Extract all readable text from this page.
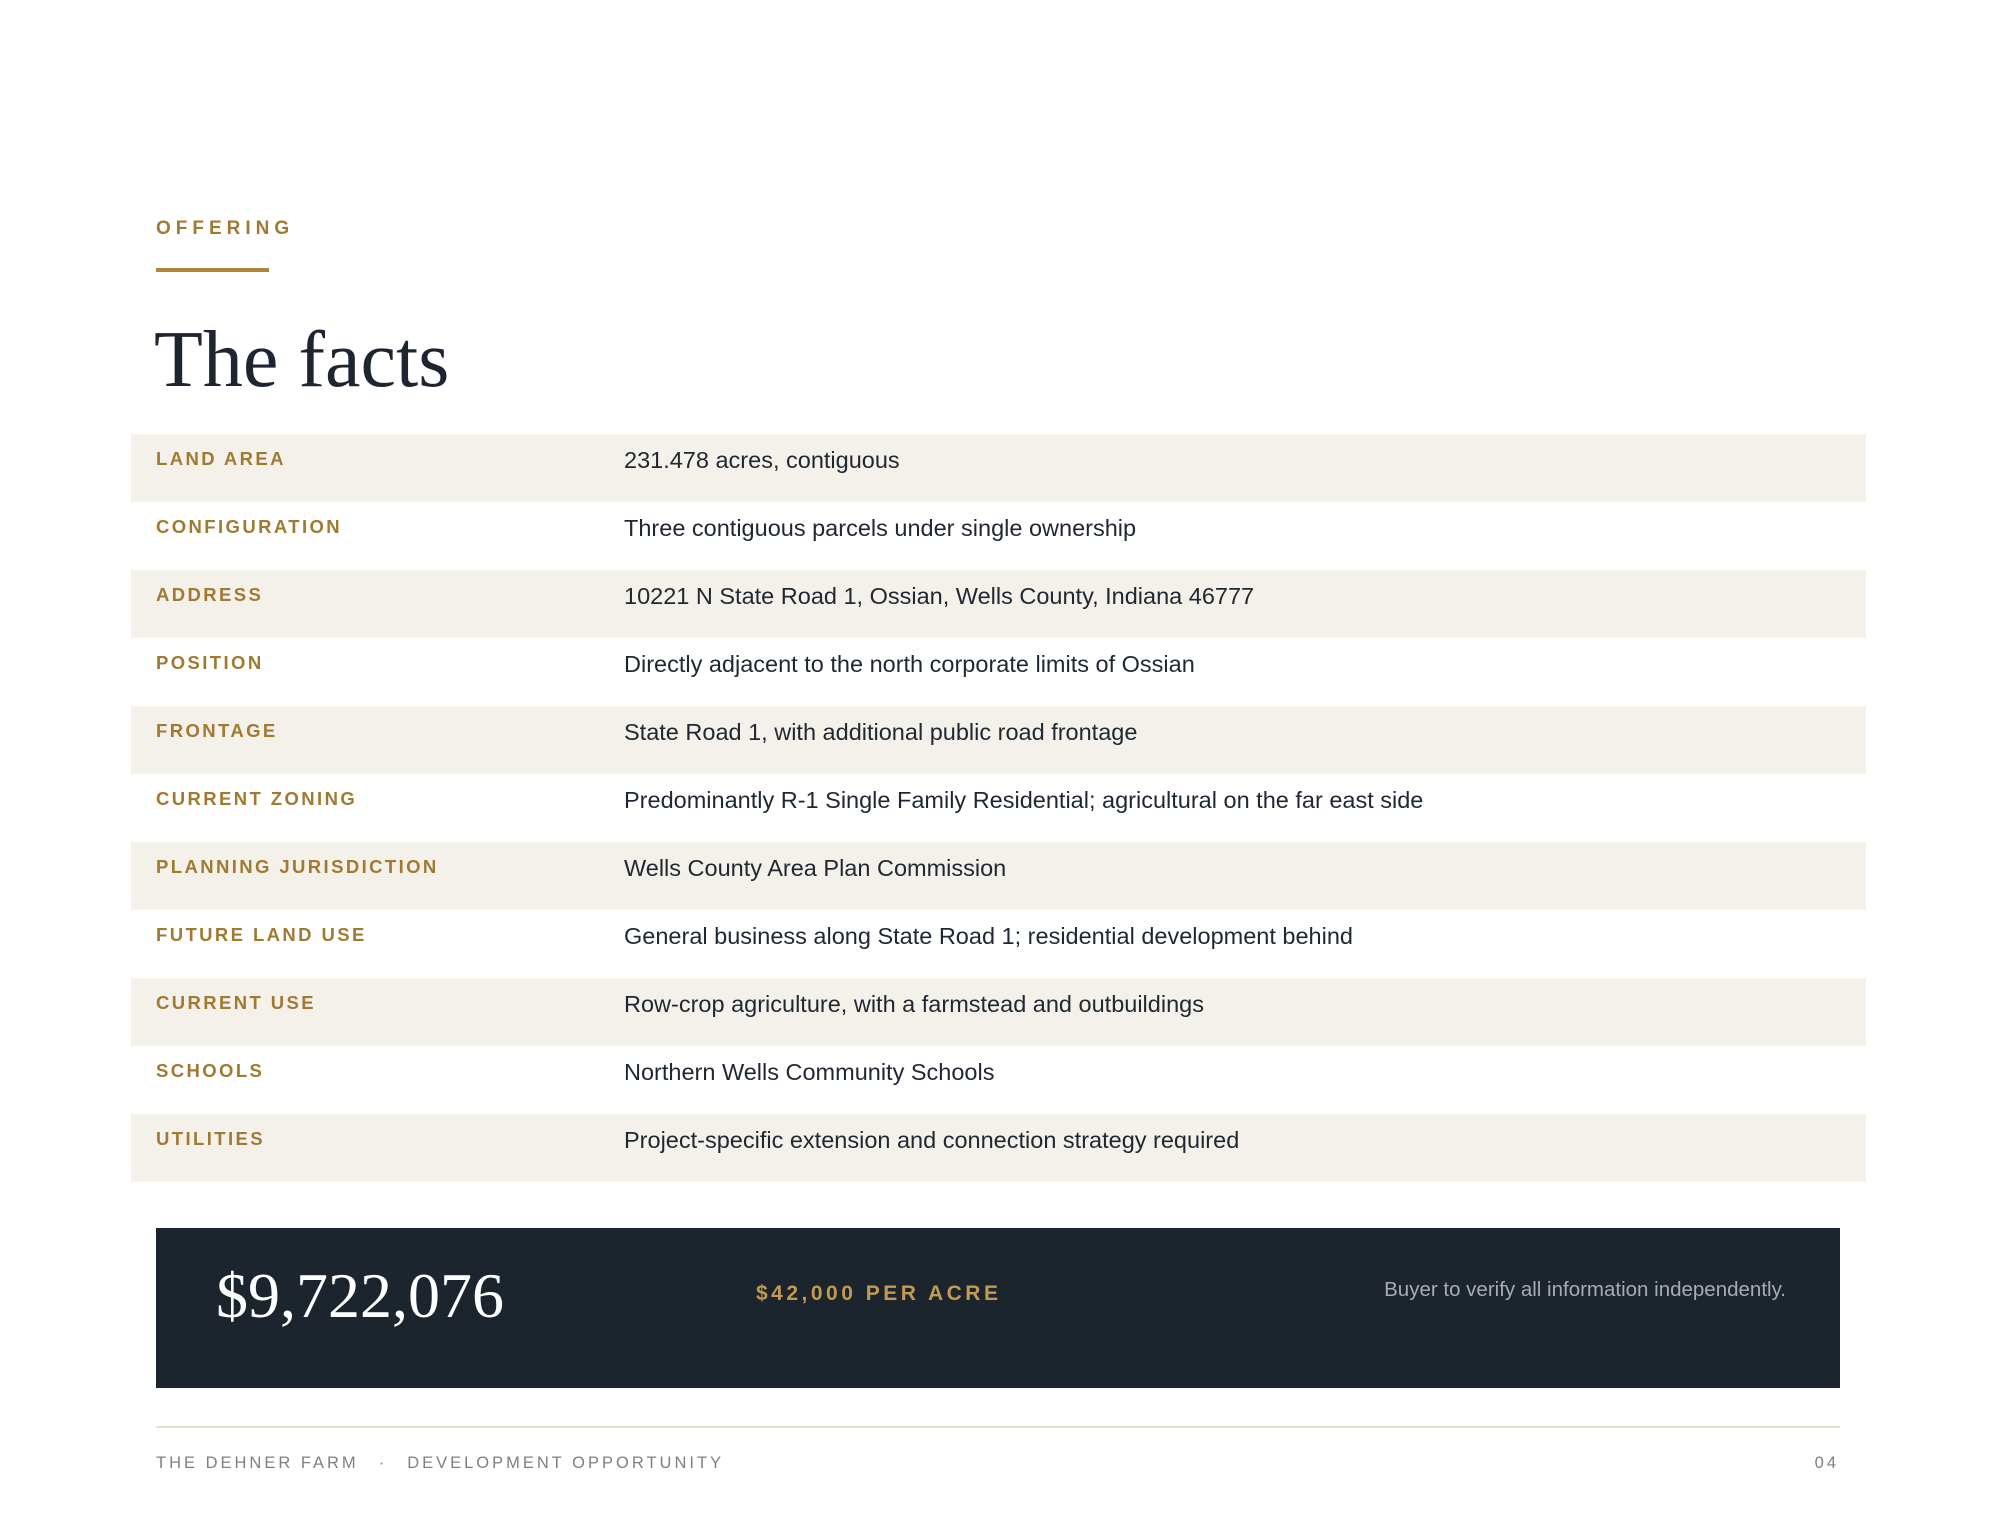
OFFERING
The facts
LAND AREA	231.478 acres, contiguous
CONFIGURATION	Three contiguous parcels under single ownership
ADDRESS	10221 N State Road 1, Ossian, Wells County, Indiana 46777
POSITION	Directly adjacent to the north corporate limits of Ossian
FRONTAGE	State Road 1, with additional public road frontage
CURRENT ZONING	Predominantly R-1 Single Family Residential; agricultural on the far east side
PLANNING JURISDICTION	Wells County Area Plan Commission
FUTURE LAND USE	General business along State Road 1; residential development behind
CURRENT USE	Row-crop agriculture, with a farmstead and outbuildings
SCHOOLS	Northern Wells Community Schools
UTILITIES	Project-specific extension and connection strategy required
$9,722,076	$42,000 PER ACRE	Buyer to verify all information independently.
THE DEHNER FARM · DEVELOPMENT OPPORTUNITY	04
